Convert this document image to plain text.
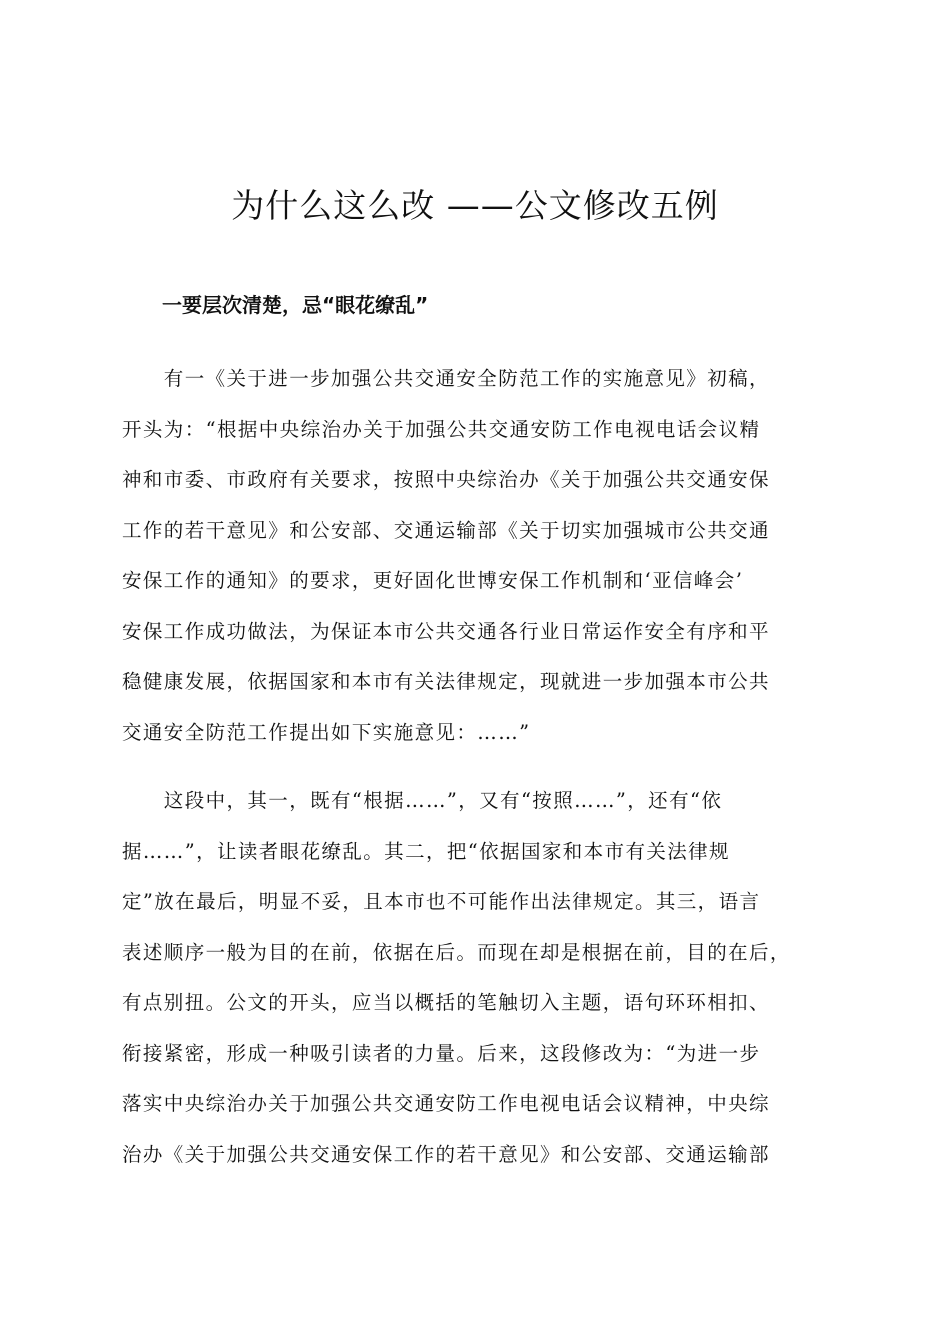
为什么这么改 ——公文修改五例
一要层次清楚，忌“眼花缭乱”
　　有一《关于进一步加强公共交通安全防范工作的实施意见》初稿，
开头为：“根据中央综治办关于加强公共交通安防工作电视电话会议精
神和市委、市政府有关要求，按照中央综治办《关于加强公共交通安保
工作的若干意见》和公安部、交通运输部《关于切实加强城市公共交通
安保工作的通知》的要求，更好固化世博安保工作机制和‘亚信峰会’
安保工作成功做法，为保证本市公共交通各行业日常运作安全有序和平
稳健康发展，依据国家和本市有关法律规定，现就进一步加强本市公共
交通安全防范工作提出如下实施意见：……”
　　这段中，其一，既有“根据……”，又有“按照……”，还有“依
据……”，让读者眼花缭乱。其二，把“依据国家和本市有关法律规
定”放在最后，明显不妥，且本市也不可能作出法律规定。其三，语言
表述顺序一般为目的在前，依据在后。而现在却是根据在前，目的在后，
有点别扭。公文的开头，应当以概括的笔触切入主题，语句环环相扣、
衔接紧密，形成一种吸引读者的力量。后来，这段修改为：“为进一步
落实中央综治办关于加强公共交通安防工作电视电话会议精神，中央综
治办《关于加强公共交通安保工作的若干意见》和公安部、交通运输部
